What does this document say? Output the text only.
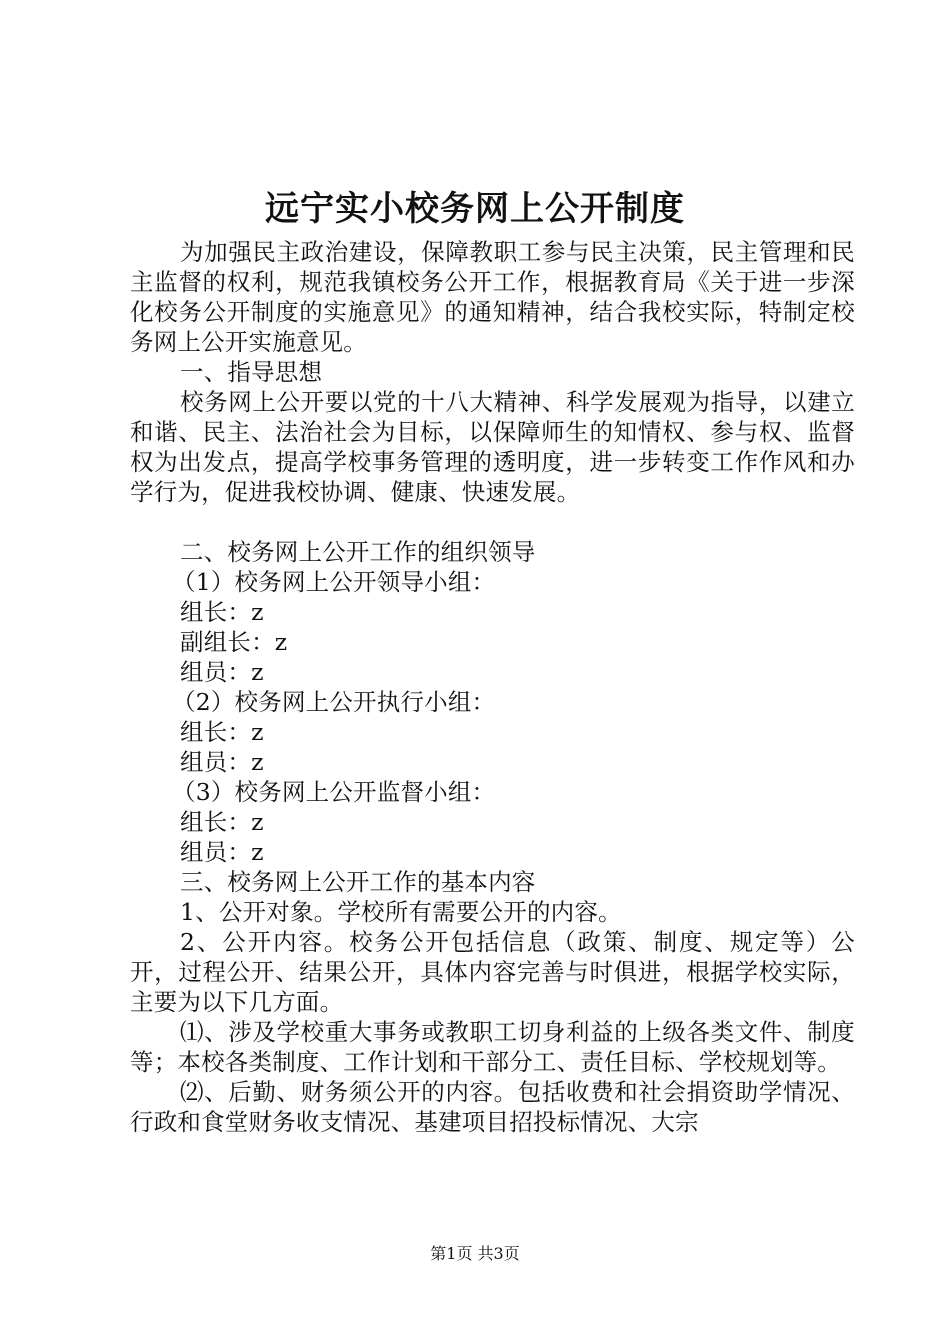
远宁实小校务网上公开制度

为加强民主政治建设，保障教职工参与民主决策，民主管理和民主监督的权利，规范我镇校务公开工作，根据教育局《关于进一步深化校务公开制度的实施意见》的通知精神，结合我校实际，特制定校务网上公开实施意见。

一、指导思想

校务网上公开要以党的十八大精神、科学发展观为指导，以建立和谐、民主、法治社会为目标，以保障师生的知情权、参与权、监督权为出发点，提高学校事务管理的透明度，进一步转变工作作风和办学行为，促进我校协调、健康、快速发展。

二、校务网上公开工作的组织领导

（1）校务网上公开领导小组：

组长：z

副组长：z

组员：z

（2）校务网上公开执行小组：

组长：z

组员：z

（3）校务网上公开监督小组：

组长：z

组员：z

三、校务网上公开工作的基本内容

1、公开对象。学校所有需要公开的内容。

2、公开内容。校务公开包括信息（政策、制度、规定等）公开，过程公开、结果公开，具体内容完善与时俱进，根据学校实际，主要为以下几方面。

⑴、涉及学校重大事务或教职工切身利益的上级各类文件、制度等；本校各类制度、工作计划和干部分工、责任目标、学校规划等。

⑵、后勤、财务须公开的内容。包括收费和社会捐资助学情况、行政和食堂财务收支情况、基建项目招投标情况、大宗

第1页 共3页
